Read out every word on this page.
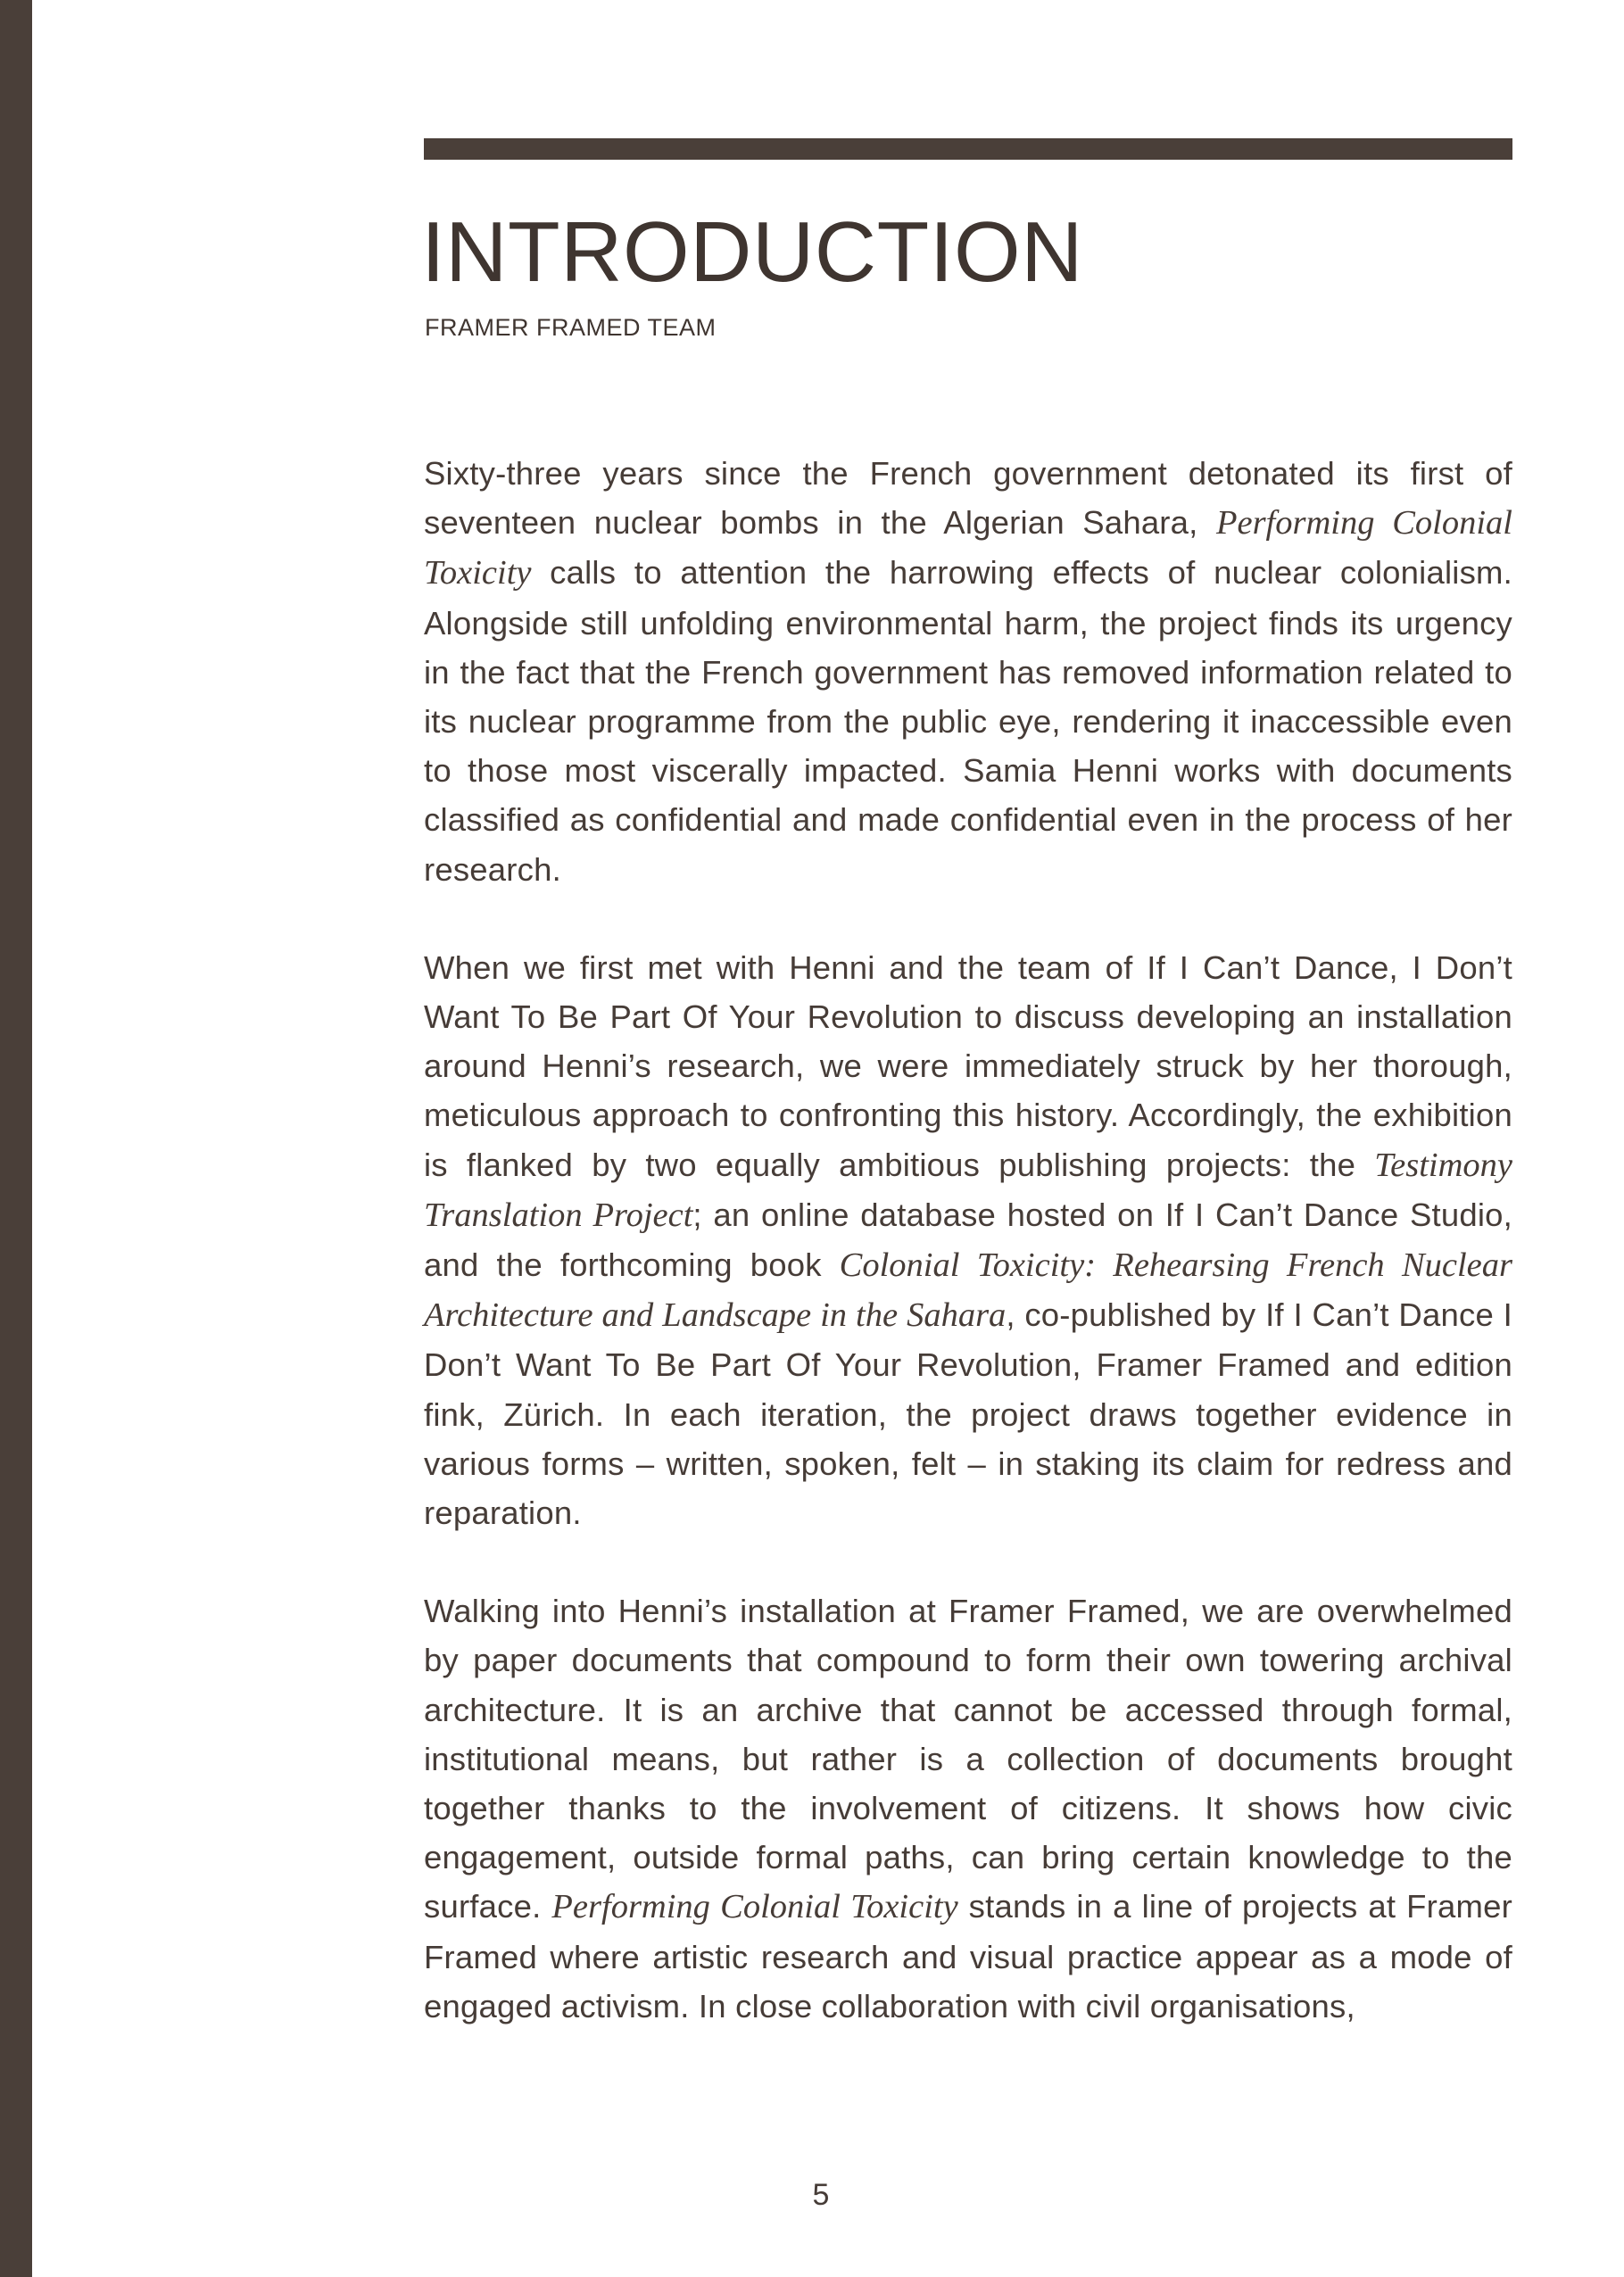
INTRODUCTION
FRAMER FRAMED TEAM

Sixty-three years since the French government detonated its first of seventeen nuclear bombs in the Algerian Sahara, Performing Colonial Toxicity calls to attention the harrowing effects of nuclear colonialism. Alongside still unfolding environmental harm, the project finds its urgency in the fact that the French government has removed information related to its nuclear programme from the public eye, rendering it inaccessible even to those most viscerally impacted. Samia Henni works with documents classified as confidential and made confidential even in the process of her research.

When we first met with Henni and the team of If I Can’t Dance, I Don’t Want To Be Part Of Your Revolution to discuss developing an installation around Henni’s research, we were immediately struck by her thorough, meticulous approach to confronting this history. Accordingly, the exhibition is flanked by two equally ambitious publishing projects: the Testimony Translation Project; an online database hosted on If I Can’t Dance Studio, and the forthcoming book Colonial Toxicity: Rehearsing French Nuclear Architecture and Landscape in the Sahara, co-published by If I Can’t Dance I Don’t Want To Be Part Of Your Revolution, Framer Framed and edition fink, Zürich. In each iteration, the project draws together evidence in various forms – written, spoken, felt – in staking its claim for redress and reparation.

Walking into Henni’s installation at Framer Framed, we are overwhelmed by paper documents that compound to form their own towering archival architecture. It is an archive that cannot be accessed through formal, institutional means, but rather is a collection of documents brought together thanks to the involvement of citizens. It shows how civic engagement, outside formal paths, can bring certain knowledge to the surface. Performing Colonial Toxicity stands in a line of projects at Framer Framed where artistic research and visual practice appear as a mode of engaged activism. In close collaboration with civil organisations,

5
